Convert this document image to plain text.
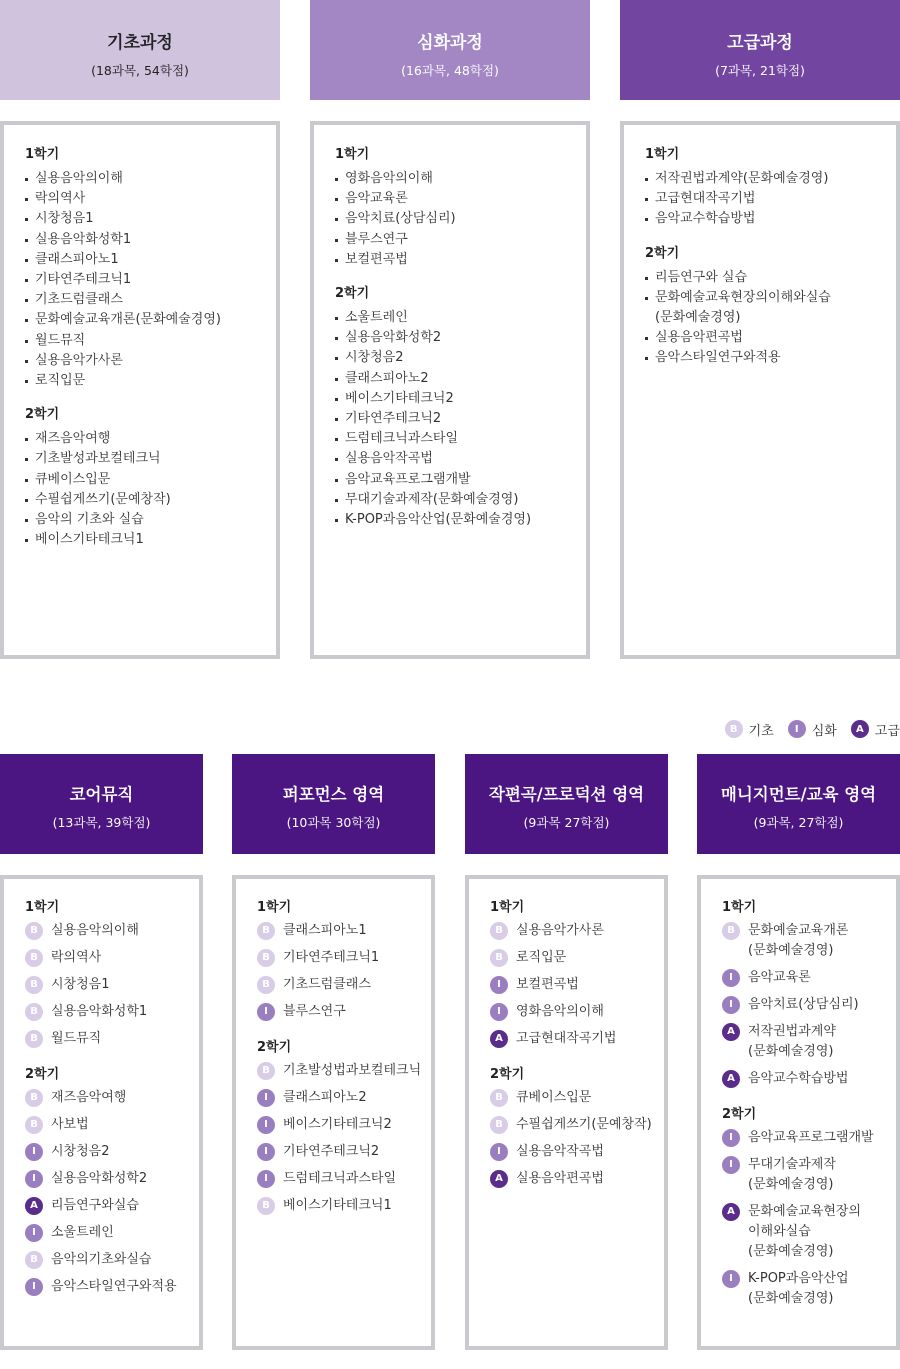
기초과정
(18과목, 54학점)
심화과정
(16과목, 48학점)
고급과정
(7과목, 21학점)
1학기
실용음악의이해
락의역사
시창청음1
실용음악화성학1
클래스피아노1
기타연주테크닉1
기초드럼클래스
문화예술교육개론(문화예술경영)
월드뮤직
실용음악가사론
로직입문
2학기
재즈음악여행
기초발성과보컬테크닉
큐베이스입문
수필쉽게쓰기(문예창작)
음악의 기초와 실습
베이스기타테크닉1
1학기
영화음악의이해
음악교육론
음악치료(상담심리)
블루스연구
보컬편곡법
2학기
소울트레인
실용음악화성학2
시창청음2
클래스피아노2
베이스기타테크닉2
기타연주테크닉2
드럼테크닉과스타일
실용음악작곡법
음악교육프로그램개발
무대기술과제작(문화예술경영)
K-POP과음악산업(문화예술경영)
1학기
저작권법과계약(문화예술경영)
고급현대작곡기법
음악교수학습방법
2학기
리듬연구와 실습
문화예술교육현장의이해와실습
(문화예술경영)
실용음악편곡법
음악스타일연구와적용
B 기초	I	심화	A 고급
코어뮤직
(13과목, 39학점)
퍼포먼스 영역
(10과목 30학점)
작편곡/프로덕션 영역
(9과목 27학점)
매니지먼트/교육 영역
(9과목, 27학점)
1학기
B	실용음악의이해
B	락의역사
B	시창청음1
B	실용음악화성학1
B	월드뮤직
2학기
B	재즈음악여행
B	사보법
I	시창청음2
I	실용음악화성학2
A	리듬연구와실습
I	소울트레인
B	음악의기초와실습
I	음악스타일연구와적용
1학기
B	클래스피아노1
B	기타연주테크닉1
B	기초드럼클래스
I	블루스연구
2학기
B	기초발성법과보컬테크닉
I	클래스피아노2
I	베이스기타테크닉2
I	기타연주테크닉2
I	드럼테크닉과스타일
B	베이스기타테크닉1
1학기
B	실용음악가사론
B	로직입문
I	보컬편곡법
I	영화음악의이해
A	고급현대작곡기법
2학기
B	큐베이스입문
B	수필쉽게쓰기(문예창작)
I	실용음악작곡법
A	실용음악편곡법
1학기
B	문화예술교육개론
(문화예술경영)
I	음악교육론
I	음악치료(상담심리)
A	저작권법과계약
(문화예술경영)
A	음악교수학습방법
2학기
I	음악교육프로그램개발
I	무대기술과제작
(문화예술경영)
A	문화예술교육현장의
이해와실습
(문화예술경영)
I	K-POP과음악산업
(문화예술경영)
